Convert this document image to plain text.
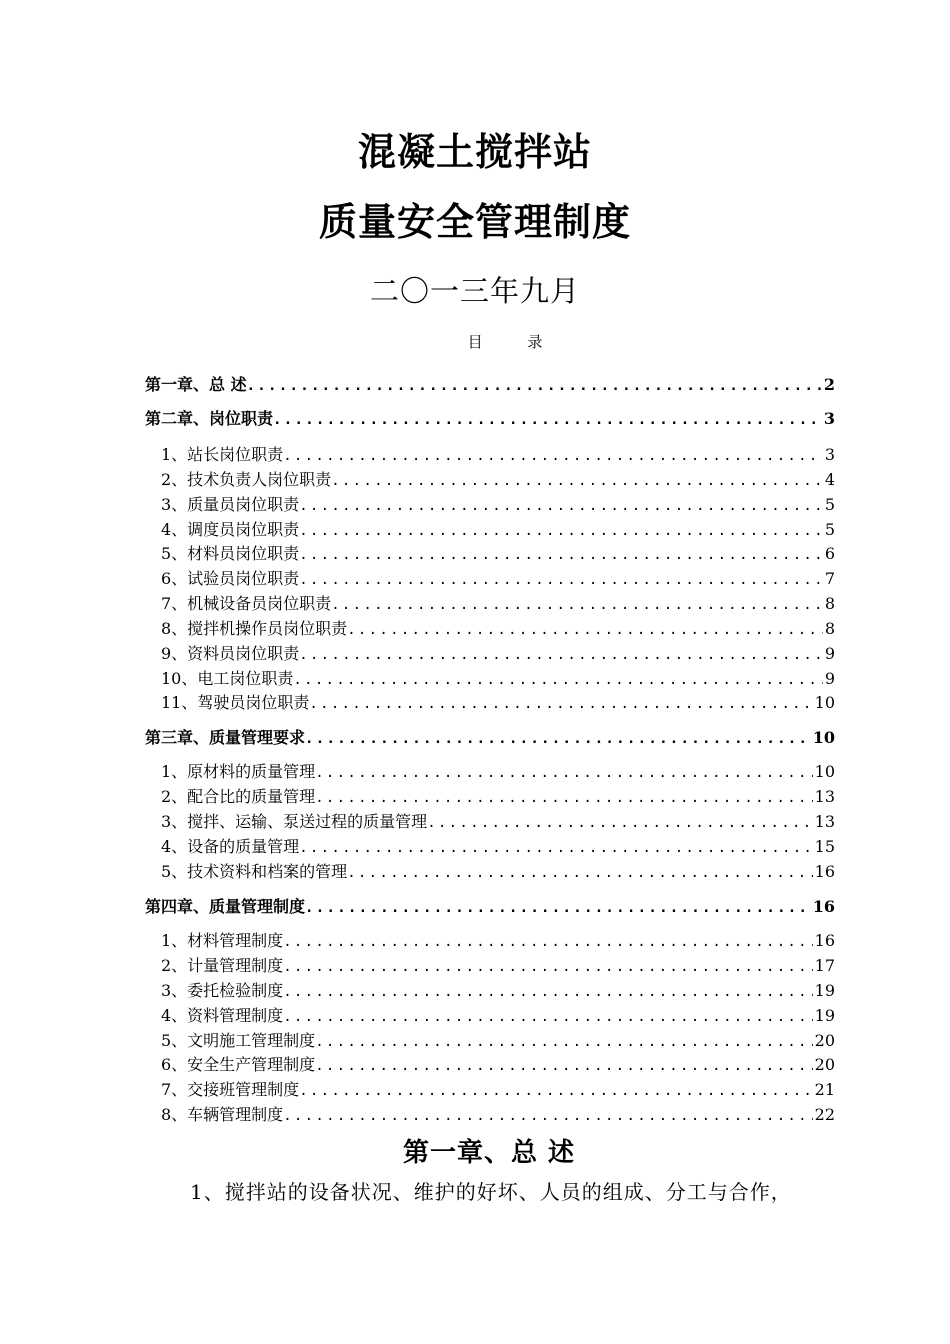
混凝土搅拌站
质量安全管理制度
二〇一三年九月
目 录
第一章、总 述 .....	2
第二章、岗位职责 .....	3
1、站长岗位职责 .....	3
2、技术负责人岗位职责 .....	4
3、质量员岗位职责 .....	5
4、调度员岗位职责 .....	5
5、材料员岗位职责 .....	6
6、试验员岗位职责 .....	7
7、机械设备员岗位职责 .....	8
8、搅拌机操作员岗位职责 .....	8
9、资料员岗位职责 .....	9
10、电工岗位职责 .....	9
11、驾驶员岗位职责 .....	10
第三章、质量管理要求 .....	10
1、原材料的质量管理 .....	10
2、配合比的质量管理 .....	13
3、搅拌、运输、泵送过程的质量管理 .....	13
4、设备的质量管理 .....	15
5、技术资料和档案的管理 .....	16
第四章、质量管理制度 .....	16
1、材料管理制度 .....	16
2、计量管理制度 .....	17
3、委托检验制度 .....	19
4、资料管理制度 .....	19
5、文明施工管理制度 .....	20
6、安全生产管理制度 .....	20
7、交接班管理制度 .....	21
8、车辆管理制度 .....	22
第一章、总 述
1、搅拌站的设备状况、维护的好坏、人员的组成、分工与合作，
